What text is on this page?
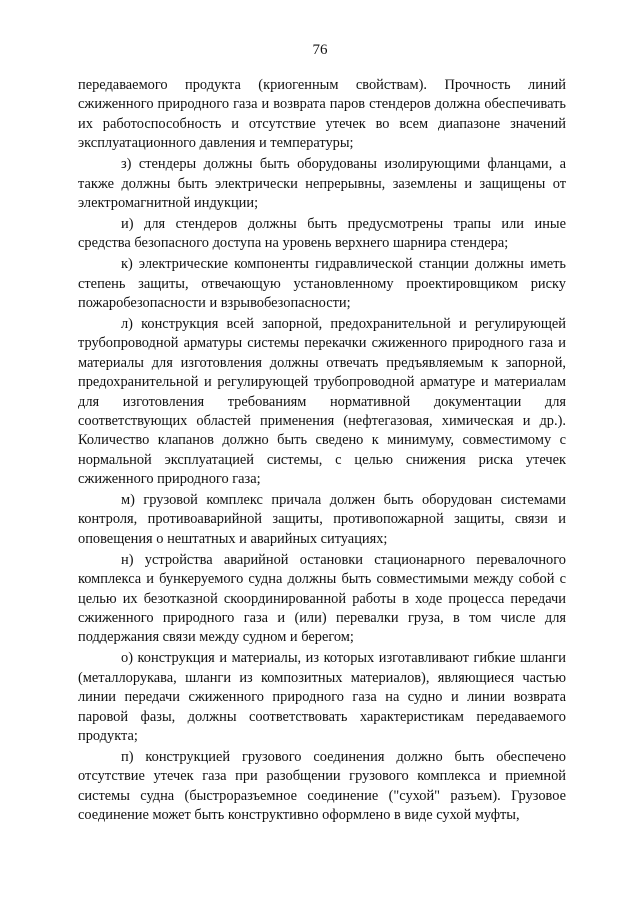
76

передаваемого продукта (криогенным свойствам). Прочность линий сжиженного природного газа и возврата паров стендеров должна обеспечивать их работоспособность и отсутствие утечек во всем диапазоне значений эксплуатационного давления и температуры;

з) стендеры должны быть оборудованы изолирующими фланцами, а также должны быть электрически непрерывны, заземлены и защищены от электромагнитной индукции;

и) для стендеров должны быть предусмотрены трапы или иные средства безопасного доступа на уровень верхнего шарнира стендера;

к) электрические компоненты гидравлической станции должны иметь степень защиты, отвечающую установленному проектировщиком риску пожаробезопасности и взрывобезопасности;

л) конструкция всей запорной, предохранительной и регулирующей трубопроводной арматуры системы перекачки сжиженного природного газа и материалы для изготовления должны отвечать предъявляемым к запорной, предохранительной и регулирующей трубопроводной арматуре и материалам для изготовления требованиям нормативной документации для соответствующих областей применения (нефтегазовая, химическая и др.). Количество клапанов должно быть сведено к минимуму, совместимому с нормальной эксплуатацией системы, с целью снижения риска утечек сжиженного природного газа;

м) грузовой комплекс причала должен быть оборудован системами контроля, противоаварийной защиты, противопожарной защиты, связи и оповещения о нештатных и аварийных ситуациях;

н) устройства аварийной остановки стационарного перевалочного комплекса и бункеруемого судна должны быть совместимыми между собой с целью их безотказной скоординированной работы в ходе процесса передачи сжиженного природного газа и (или) перевалки груза, в том числе для поддержания связи между судном и берегом;

о) конструкция и материалы, из которых изготавливают гибкие шланги (металлорукава, шланги из композитных материалов), являющиеся частью линии передачи сжиженного природного газа на судно и линии возврата паровой фазы, должны соответствовать характеристикам передаваемого продукта;

п) конструкцией грузового соединения должно быть обеспечено отсутствие утечек газа при разобщении грузового комплекса и приемной системы судна (быстроразъемное соединение ("сухой" разъем). Грузовое соединение может быть конструктивно оформлено в виде сухой муфты,
